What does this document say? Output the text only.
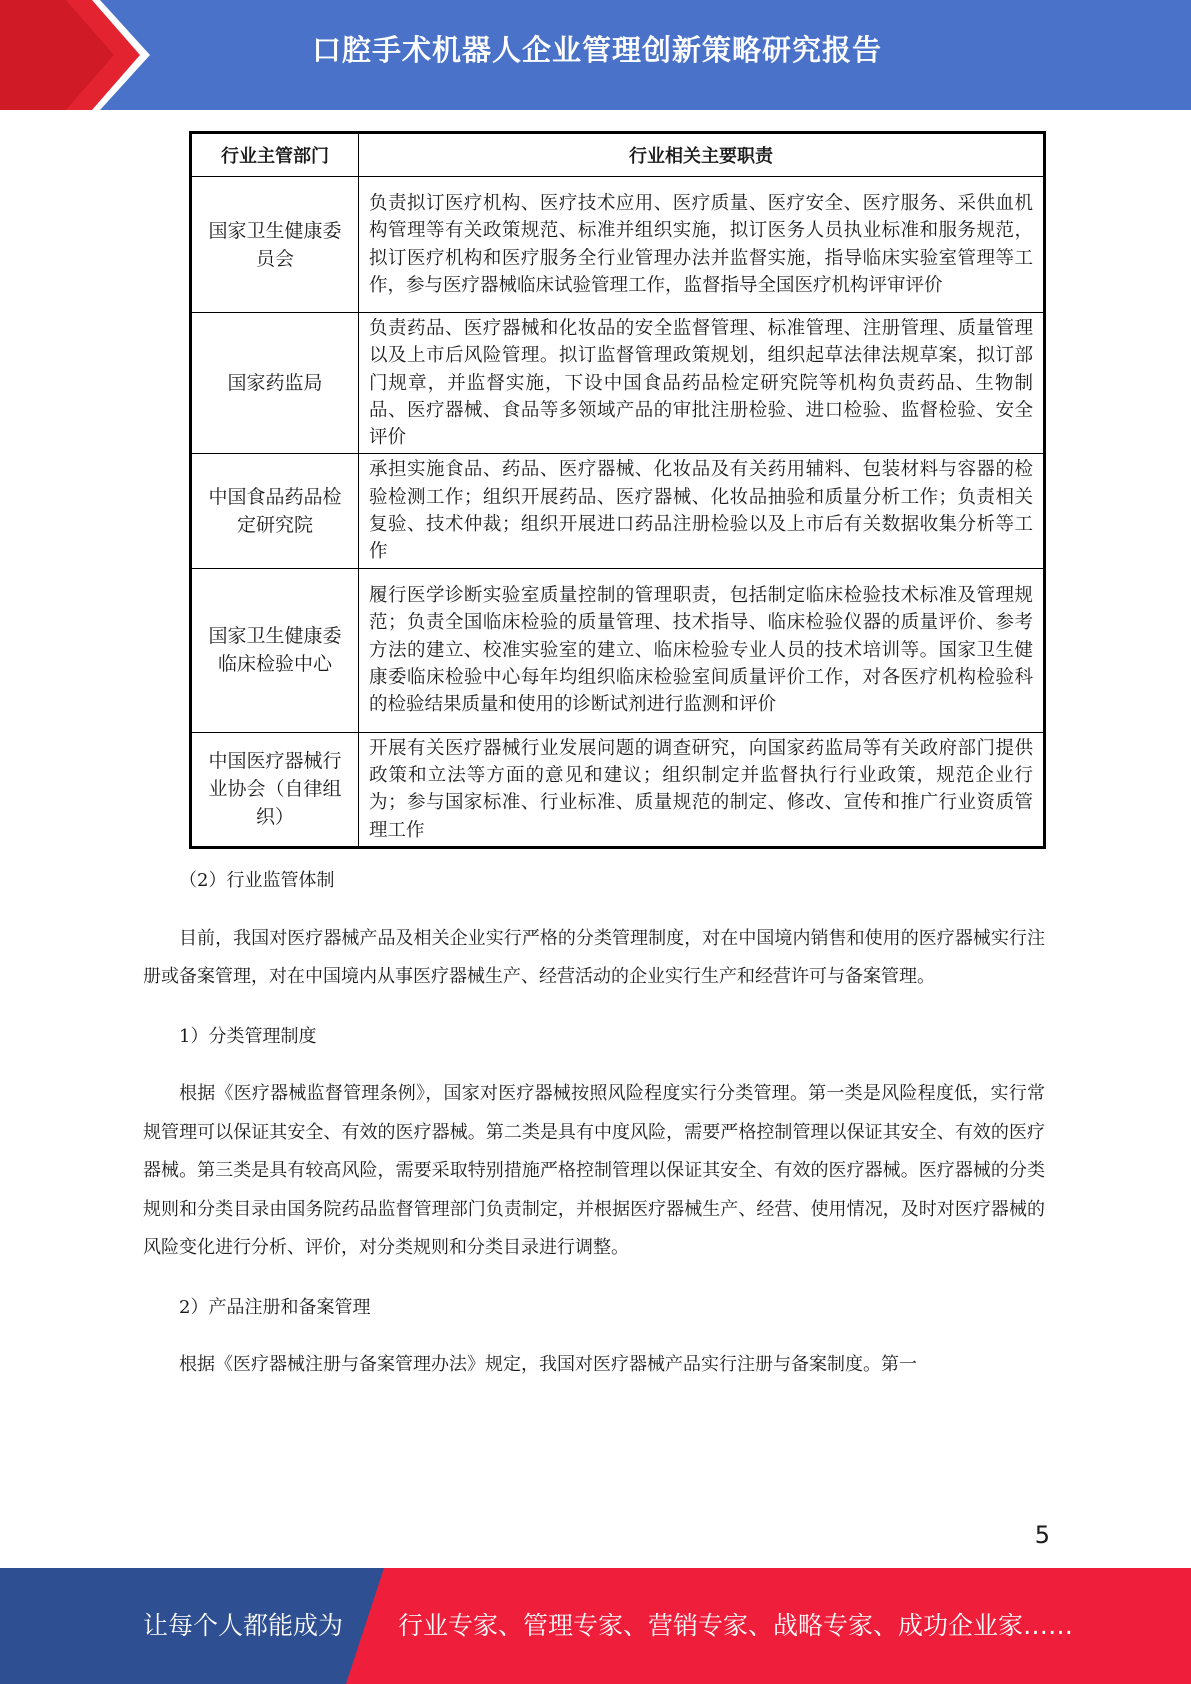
口腔手术机器人企业管理创新策略研究报告
行业主管部门	行业相关主要职责
国家卫生健康委员会	负责拟订医疗机构、医疗技术应用、医疗质量、医疗安全、医疗服务、采供血机构管理等有关政策规范、标准并组织实施，拟订医务人员执业标准和服务规范，拟订医疗机构和医疗服务全行业管理办法并监督实施，指导临床实验室管理等工作，参与医疗器械临床试验管理工作，监督指导全国医疗机构评审评价
国家药监局	负责药品、医疗器械和化妆品的安全监督管理、标准管理、注册管理、质量管理以及上市后风险管理。拟订监督管理政策规划，组织起草法律法规草案，拟订部门规章，并监督实施，下设中国食品药品检定研究院等机构负责药品、生物制品、医疗器械、食品等多领域产品的审批注册检验、进口检验、监督检验、安全评价
中国食品药品检定研究院	承担实施食品、药品、医疗器械、化妆品及有关药用辅料、包装材料与容器的检验检测工作；组织开展药品、医疗器械、化妆品抽验和质量分析工作；负责相关复验、技术仲裁；组织开展进口药品注册检验以及上市后有关数据收集分析等工作
国家卫生健康委临床检验中心	履行医学诊断实验室质量控制的管理职责，包括制定临床检验技术标准及管理规范；负责全国临床检验的质量管理、技术指导、临床检验仪器的质量评价、参考方法的建立、校准实验室的建立、临床检验专业人员的技术培训等。国家卫生健康委临床检验中心每年均组织临床检验室间质量评价工作，对各医疗机构检验科的检验结果质量和使用的诊断试剂进行监测和评价
中国医疗器械行业协会（自律组织）	开展有关医疗器械行业发展问题的调查研究，向国家药监局等有关政府部门提供政策和立法等方面的意见和建议；组织制定并监督执行行业政策，规范企业行为；参与国家标准、行业标准、质量规范的制定、修改、宣传和推广行业资质管理工作

（2）行业监管体制

目前，我国对医疗器械产品及相关企业实行严格的分类管理制度，对在中国境内销售和使用的医疗器械实行注册或备案管理，对在中国境内从事医疗器械生产、经营活动的企业实行生产和经营许可与备案管理。

1）分类管理制度

根据《医疗器械监督管理条例》，国家对医疗器械按照风险程度实行分类管理。第一类是风险程度低，实行常规管理可以保证其安全、有效的医疗器械。第二类是具有中度风险，需要严格控制管理以保证其安全、有效的医疗器械。第三类是具有较高风险，需要采取特别措施严格控制管理以保证其安全、有效的医疗器械。医疗器械的分类规则和分类目录由国务院药品监督管理部门负责制定，并根据医疗器械生产、经营、使用情况，及时对医疗器械的风险变化进行分析、评价，对分类规则和分类目录进行调整。

2）产品注册和备案管理

根据《医疗器械注册与备案管理办法》规定，我国对医疗器械产品实行注册与备案制度。第一

5
让每个人都能成为 行业专家、管理专家、营销专家、战略专家、成功企业家……
